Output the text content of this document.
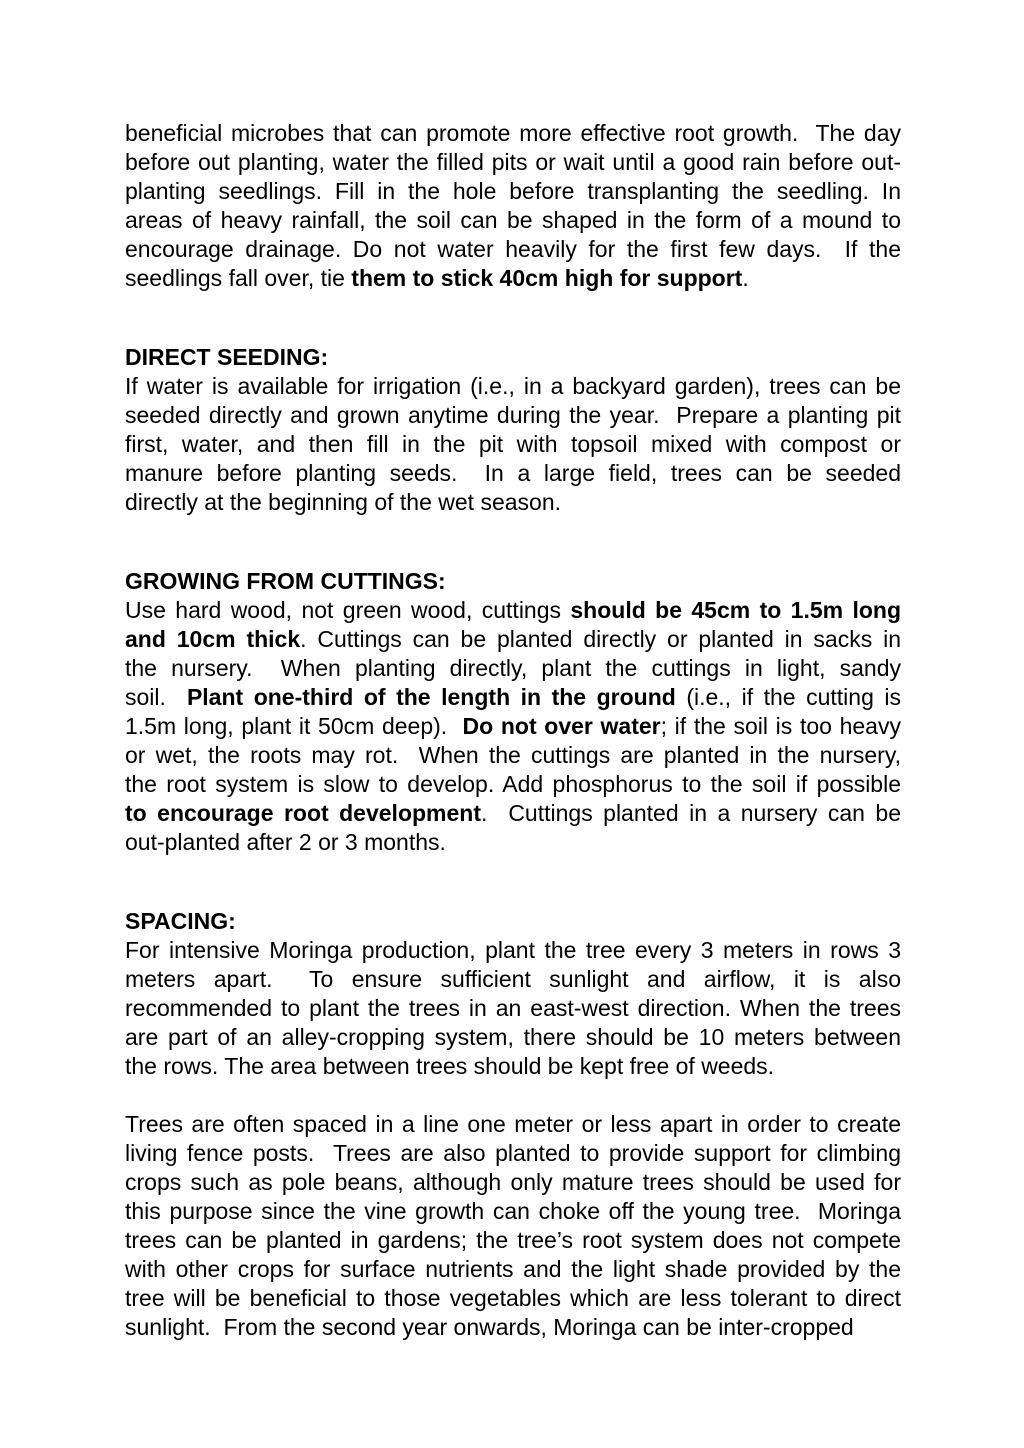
beneficial microbes that can promote more effective root growth.  The day
before out planting, water the filled pits or wait until a good rain before out-
planting seedlings. Fill in the hole before transplanting the seedling. In
areas of heavy rainfall, the soil can be shaped in the form of a mound to
encourage drainage. Do not water heavily for the first few days.  If the
seedlings fall over, tie them to stick 40cm high for support.
DIRECT SEEDING:
If water is available for irrigation (i.e., in a backyard garden), trees can be
seeded directly and grown anytime during the year.  Prepare a planting pit
first, water, and then fill in the pit with topsoil mixed with compost or
manure before planting seeds.  In a large field, trees can be seeded
directly at the beginning of the wet season.
GROWING FROM CUTTINGS:
Use hard wood, not green wood, cuttings should be 45cm to 1.5m long
and 10cm thick. Cuttings can be planted directly or planted in sacks in
the nursery.  When planting directly, plant the cuttings in light, sandy
soil.  Plant one-third of the length in the ground (i.e., if the cutting is
1.5m long, plant it 50cm deep).  Do not over water; if the soil is too heavy
or wet, the roots may rot.  When the cuttings are planted in the nursery,
the root system is slow to develop. Add phosphorus to the soil if possible
to encourage root development.  Cuttings planted in a nursery can be
out-planted after 2 or 3 months.
SPACING:
For intensive Moringa production, plant the tree every 3 meters in rows 3
meters apart.  To ensure sufficient sunlight and airflow, it is also
recommended to plant the trees in an east-west direction. When the trees
are part of an alley-cropping system, there should be 10 meters between
the rows. The area between trees should be kept free of weeds.
Trees are often spaced in a line one meter or less apart in order to create
living fence posts.  Trees are also planted to provide support for climbing
crops such as pole beans, although only mature trees should be used for
this purpose since the vine growth can choke off the young tree.  Moringa
trees can be planted in gardens; the tree’s root system does not compete
with other crops for surface nutrients and the light shade provided by the
tree will be beneficial to those vegetables which are less tolerant to direct
sunlight.  From the second year onwards, Moringa can be inter-cropped
